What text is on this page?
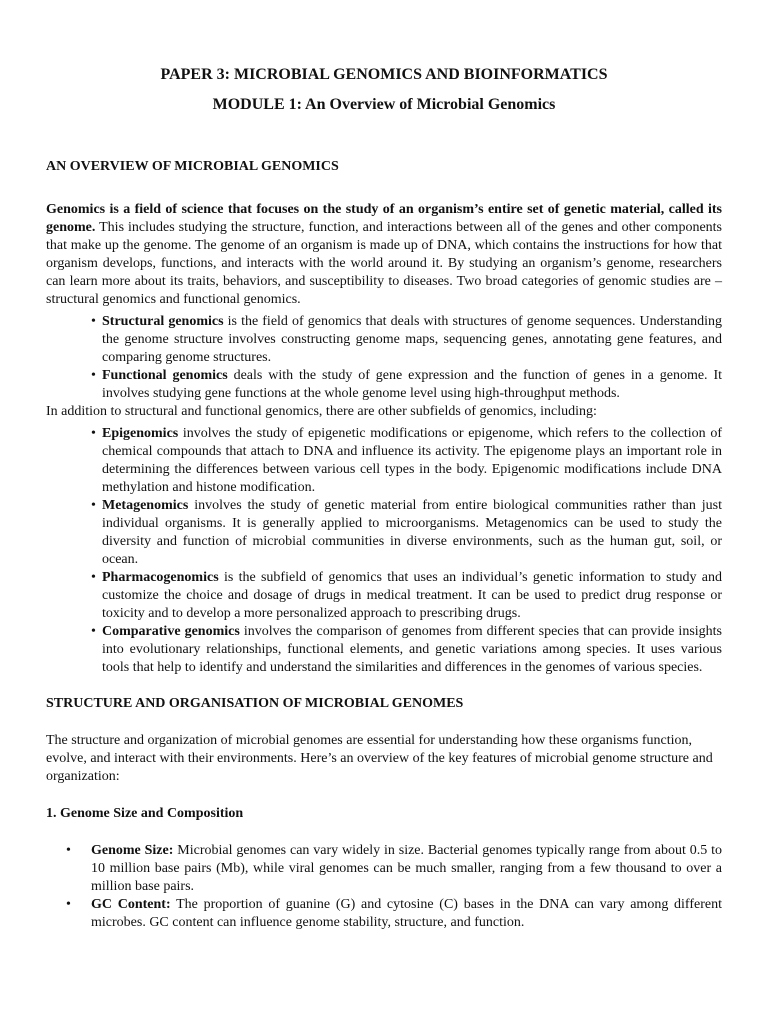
PAPER 3: MICROBIAL GENOMICS AND BIOINFORMATICS
MODULE 1: An Overview of Microbial Genomics
AN OVERVIEW OF MICROBIAL GENOMICS

Genomics is a field of science that focuses on the study of an organism’s entire set of genetic material, called its genome. This includes studying the structure, function, and interactions between all of the genes and other components that make up the genome. The genome of an organism is made up of DNA, which contains the instructions for how that organism develops, functions, and interacts with the world around it. By studying an organism’s genome, researchers can learn more about its traits, behaviors, and susceptibility to diseases. Two broad categories of genomic studies are – structural genomics and functional genomics.

• Structural genomics is the field of genomics that deals with structures of genome sequences. Understanding the genome structure involves constructing genome maps, sequencing genes, annotating gene features, and comparing genome structures.
• Functional genomics deals with the study of gene expression and the function of genes in a genome. It involves studying gene functions at the whole genome level using high-throughput methods.

In addition to structural and functional genomics, there are other subfields of genomics, including:

• Epigenomics involves the study of epigenetic modifications or epigenome, which refers to the collection of chemical compounds that attach to DNA and influence its activity. The epigenome plays an important role in determining the differences between various cell types in the body. Epigenomic modifications include DNA methylation and histone modification.
• Metagenomics involves the study of genetic material from entire biological communities rather than just individual organisms. It is generally applied to microorganisms. Metagenomics can be used to study the diversity and function of microbial communities in diverse environments, such as the human gut, soil, or ocean.
• Pharmacogenomics is the subfield of genomics that uses an individual’s genetic information to study and customize the choice and dosage of drugs in medical treatment. It can be used to predict drug response or toxicity and to develop a more personalized approach to prescribing drugs.
• Comparative genomics involves the comparison of genomes from different species that can provide insights into evolutionary relationships, functional elements, and genetic variations among species. It uses various tools that help to identify and understand the similarities and differences in the genomes of various species.
STRUCTURE AND ORGANISATION OF MICROBIAL GENOMES

The structure and organization of microbial genomes are essential for understanding how these organisms function, evolve, and interact with their environments. Here’s an overview of the key features of microbial genome structure and organization:

1. Genome Size and Composition
• Genome Size: Microbial genomes can vary widely in size. Bacterial genomes typically range from about 0.5 to 10 million base pairs (Mb), while viral genomes can be much smaller, ranging from a few thousand to over a million base pairs.
• GC Content: The proportion of guanine (G) and cytosine (C) bases in the DNA can vary among different microbes. GC content can influence genome stability, structure, and function.
